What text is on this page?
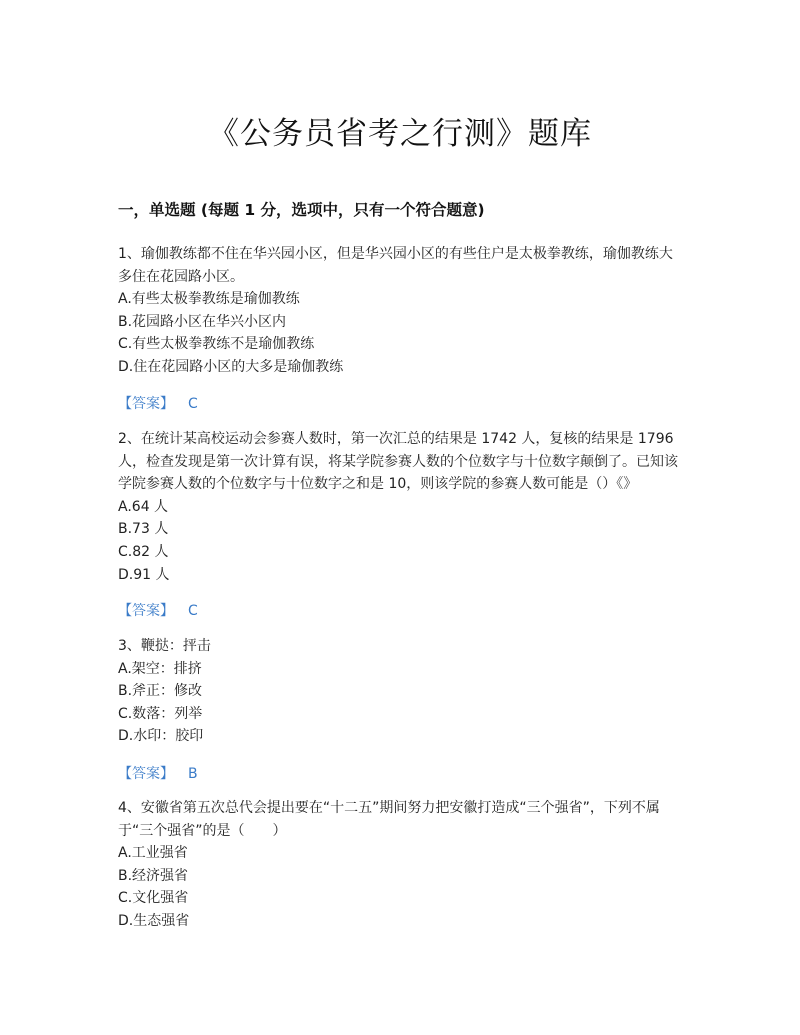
《公务员省考之行测》题库
一，单选题 (每题 1 分，选项中，只有一个符合题意)

1、瑜伽教练都不住在华兴园小区，但是华兴园小区的有些住户是太极拳教练，瑜伽教练大多住在花园路小区。

A.有些太极拳教练是瑜伽教练

B.花园路小区在华兴小区内

C.有些太极拳教练不是瑜伽教练

D.住在花园路小区的大多是瑜伽教练

【答案】 C

2、在统计某高校运动会参赛人数时，第一次汇总的结果是 1742 人，复核的结果是 1796 人，检查发现是第一次计算有误，将某学院参赛人数的个位数字与十位数字颠倒了。已知该学院参赛人数的个位数字与十位数字之和是 10，则该学院的参赛人数可能是（）《》

A.64 人

B.73 人

C.82 人

D.91 人

【答案】 C

3、鞭挞：抨击

A.架空：排挤

B.斧正：修改

C.数落：列举

D.水印：胶印

【答案】 B

4、安徽省第五次总代会提出要在“十二五”期间努力把安徽打造成“三个强省”，下列不属于“三个强省”的是（　　）

A.工业强省

B.经济强省

C.文化强省

D.生态强省
